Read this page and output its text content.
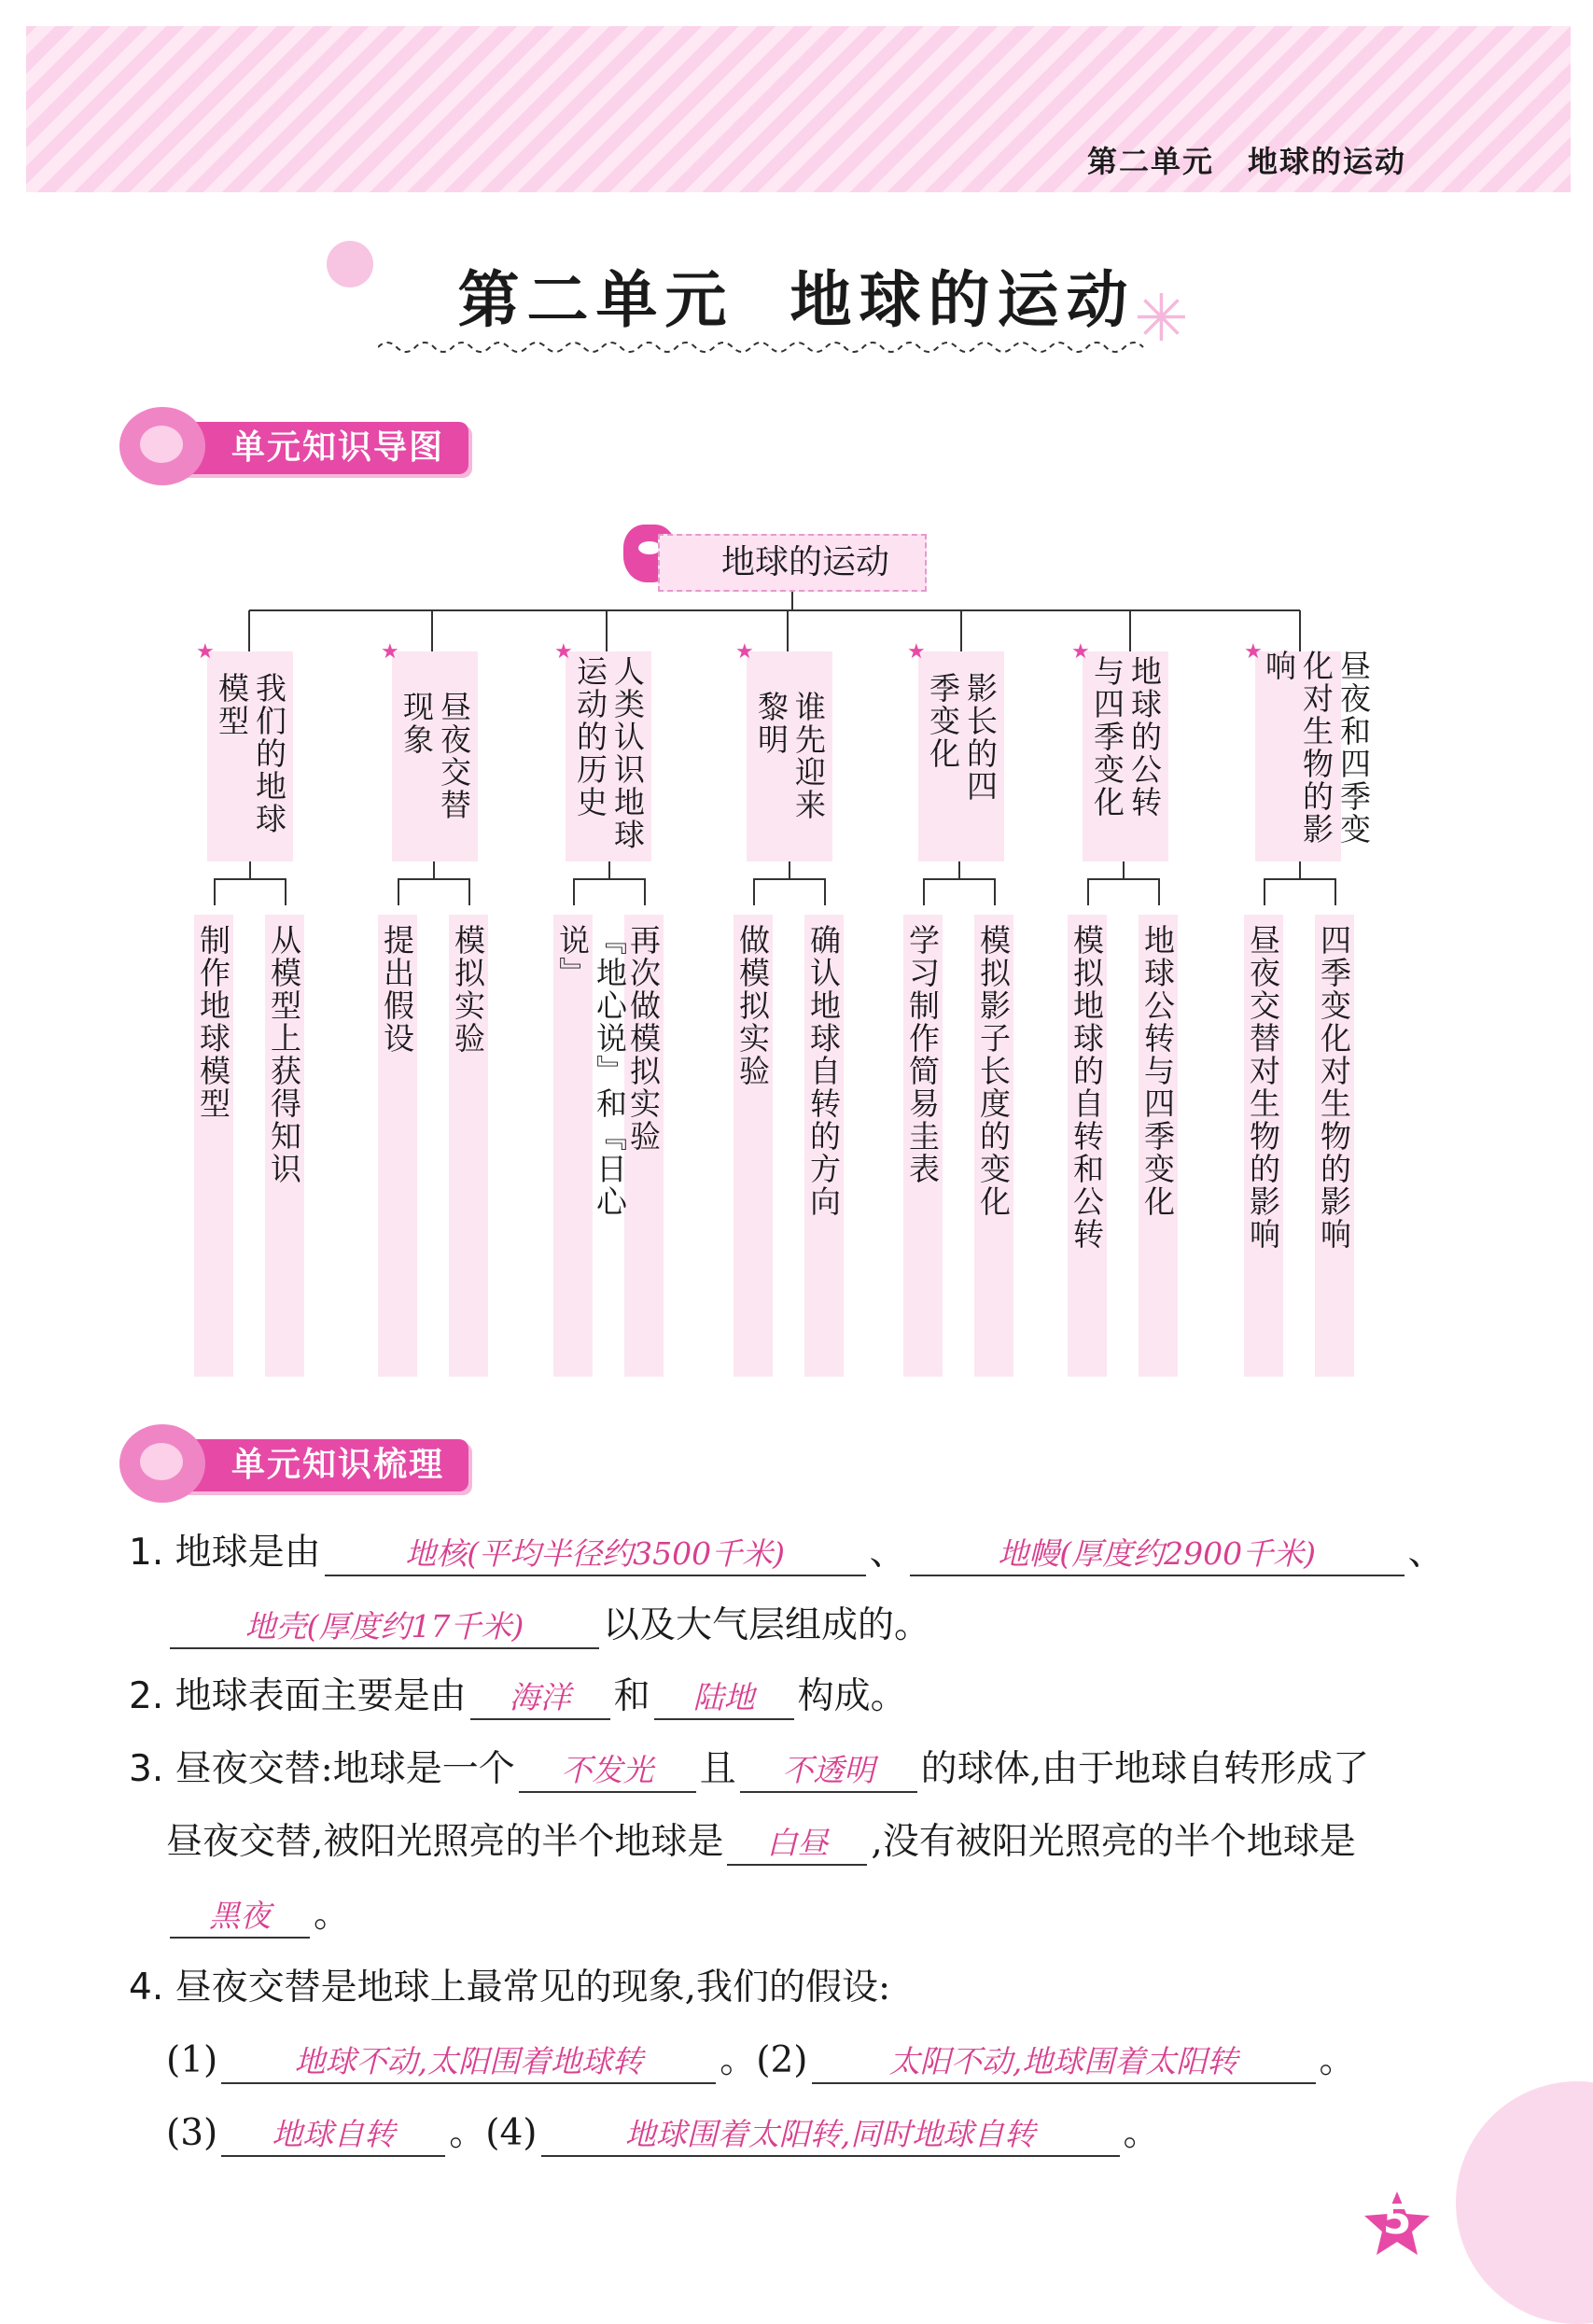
第二单元 地球的运动
第二单元 地球的运动
✳
单元知识导图
地球的运动
★	★	★	★	★	★	★
我们的地球模型	昼夜交替现象	人类认识地球运动的历史	谁先迎来黎明	影长的四季变化	地球的公转与四季变化	昼夜和四季变化对生物的影响
制作地球模型 从模型上获得知识 提出假设 模拟实验	『地心说』和『日心说』	再次做模拟实验 做模拟实验 确认地球自转的方向 学习制作简易圭表 模拟影子长度的变化 模拟地球的自转和公转 地球公转与四季变化 昼夜交替对生物的影响 四季变化对生物的影响
单元知识梳理
1. 地球是由	地核(平均半径约3500千米) 、	地幔(厚度约2900千米)	、
地壳(厚度约17千米) 以及大气层组成的。
2. 地球表面主要是由 海洋 和 陆地 构成。
3. 昼夜交替:地球是一个 不发光 且 不透明 的球体,由于地球自转形成了
昼夜交替,被阳光照亮的半个地球是 白昼 ,没有被阳光照亮的半个地球是
黑夜 。
4. 昼夜交替是地球上最常见的现象,我们的假设:
(1) 地球不动,太阳围着地球转 。(2)	太阳不动,地球围着太阳转 。
(3) 地球自转 。(4)	地球围着太阳转,同时地球自转 。
5
